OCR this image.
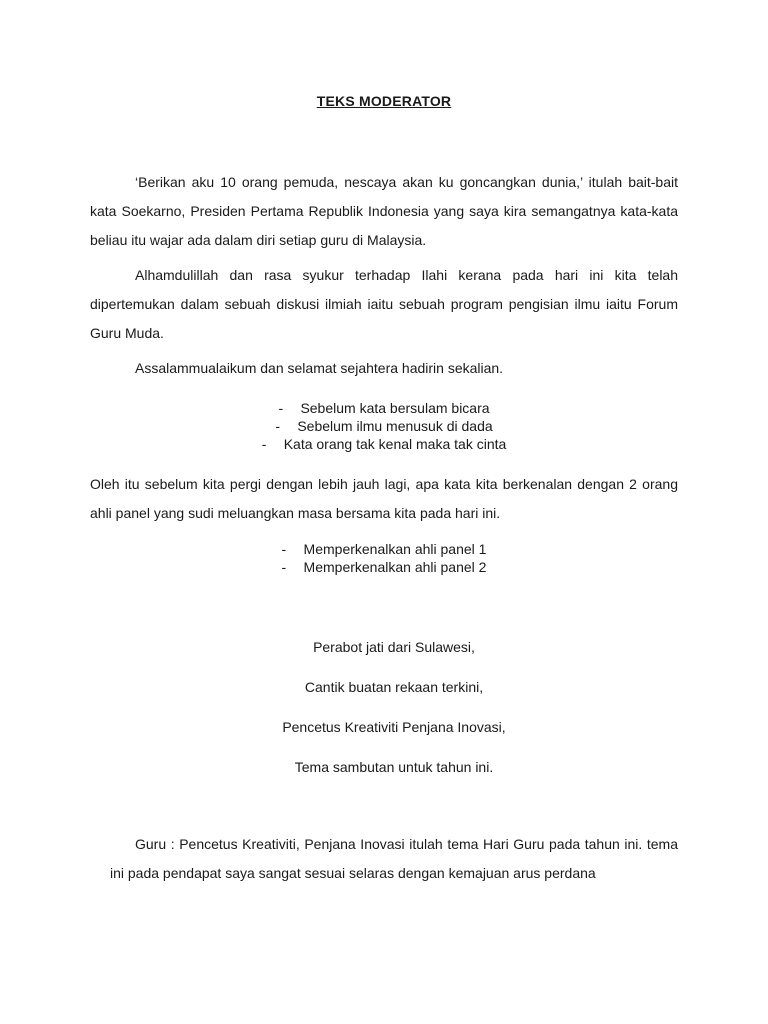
TEKS MODERATOR
‘Berikan aku 10 orang pemuda, nescaya akan ku goncangkan dunia,’ itulah bait-bait kata Soekarno, Presiden Pertama Republik Indonesia yang saya kira semangatnya kata-kata beliau itu wajar ada dalam diri setiap guru di Malaysia.
Alhamdulillah dan rasa syukur terhadap Ilahi kerana pada hari ini kita telah dipertemukan dalam sebuah diskusi ilmiah iaitu sebuah program pengisian ilmu iaitu Forum Guru Muda.
Assalammualaikum dan selamat sejahtera hadirin sekalian.
-	Sebelum kata bersulam bicara
-	Sebelum ilmu menusuk di dada
-	Kata orang tak kenal maka tak cinta
Oleh itu sebelum kita pergi dengan lebih jauh lagi, apa kata kita berkenalan dengan 2 orang ahli panel yang sudi meluangkan masa bersama kita pada hari ini.
-	Memperkenalkan ahli panel 1
-	Memperkenalkan ahli panel 2
Perabot jati dari Sulawesi,
Cantik buatan rekaan terkini,
Pencetus Kreativiti Penjana Inovasi,
Tema sambutan untuk tahun ini.
Guru : Pencetus Kreativiti, Penjana Inovasi itulah tema Hari Guru pada tahun ini. tema ini pada pendapat saya sangat sesuai selaras dengan kemajuan arus perdana
